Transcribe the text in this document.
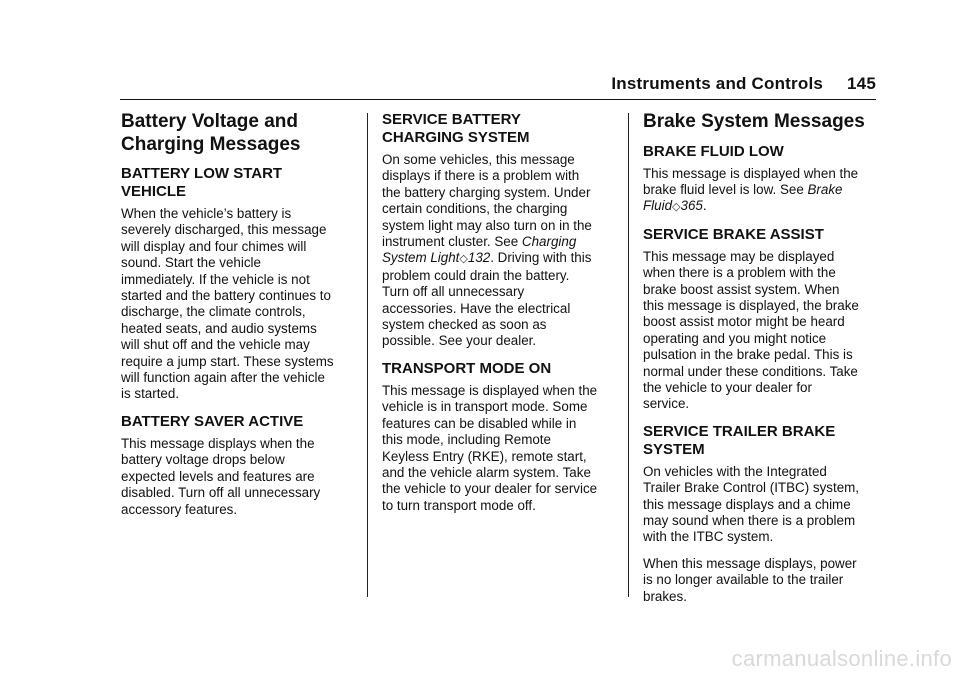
Instruments and Controls 145
Battery Voltage and
Charging Messages
BATTERY LOW START
VEHICLE

When the vehicle’s battery is
severely discharged, this message
will display and four chimes will
sound. Start the vehicle
immediately. If the vehicle is not
started and the battery continues to
discharge, the climate controls,
heated seats, and audio systems
will shut off and the vehicle may
require a jump start. These systems
will function again after the vehicle
is started.

BATTERY SAVER ACTIVE

This message displays when the
battery voltage drops below
expected levels and features are
disabled. Turn off all unnecessary
accessory features.

SERVICE BATTERY
CHARGING SYSTEM

On some vehicles, this message
displays if there is a problem with
the battery charging system. Under
certain conditions, the charging
system light may also turn on in the
instrument cluster. See Charging
System Light◇132. Driving with this
problem could drain the battery.
Turn off all unnecessary
accessories. Have the electrical
system checked as soon as
possible. See your dealer.

TRANSPORT MODE ON

This message is displayed when the
vehicle is in transport mode. Some
features can be disabled while in
this mode, including Remote
Keyless Entry (RKE), remote start,
and the vehicle alarm system. Take
the vehicle to your dealer for service
to turn transport mode off.

Brake System Messages
BRAKE FLUID LOW

This message is displayed when the
brake fluid level is low. See Brake
Fluid◇365.

SERVICE BRAKE ASSIST

This message may be displayed
when there is a problem with the
brake boost assist system. When
this message is displayed, the brake
boost assist motor might be heard
operating and you might notice
pulsation in the brake pedal. This is
normal under these conditions. Take
the vehicle to your dealer for
service.

SERVICE TRAILER BRAKE
SYSTEM

On vehicles with the Integrated
Trailer Brake Control (ITBC) system,
this message displays and a chime
may sound when there is a problem
with the ITBC system.

When this message displays, power
is no longer available to the trailer
brakes.

carmanualsonline.info
